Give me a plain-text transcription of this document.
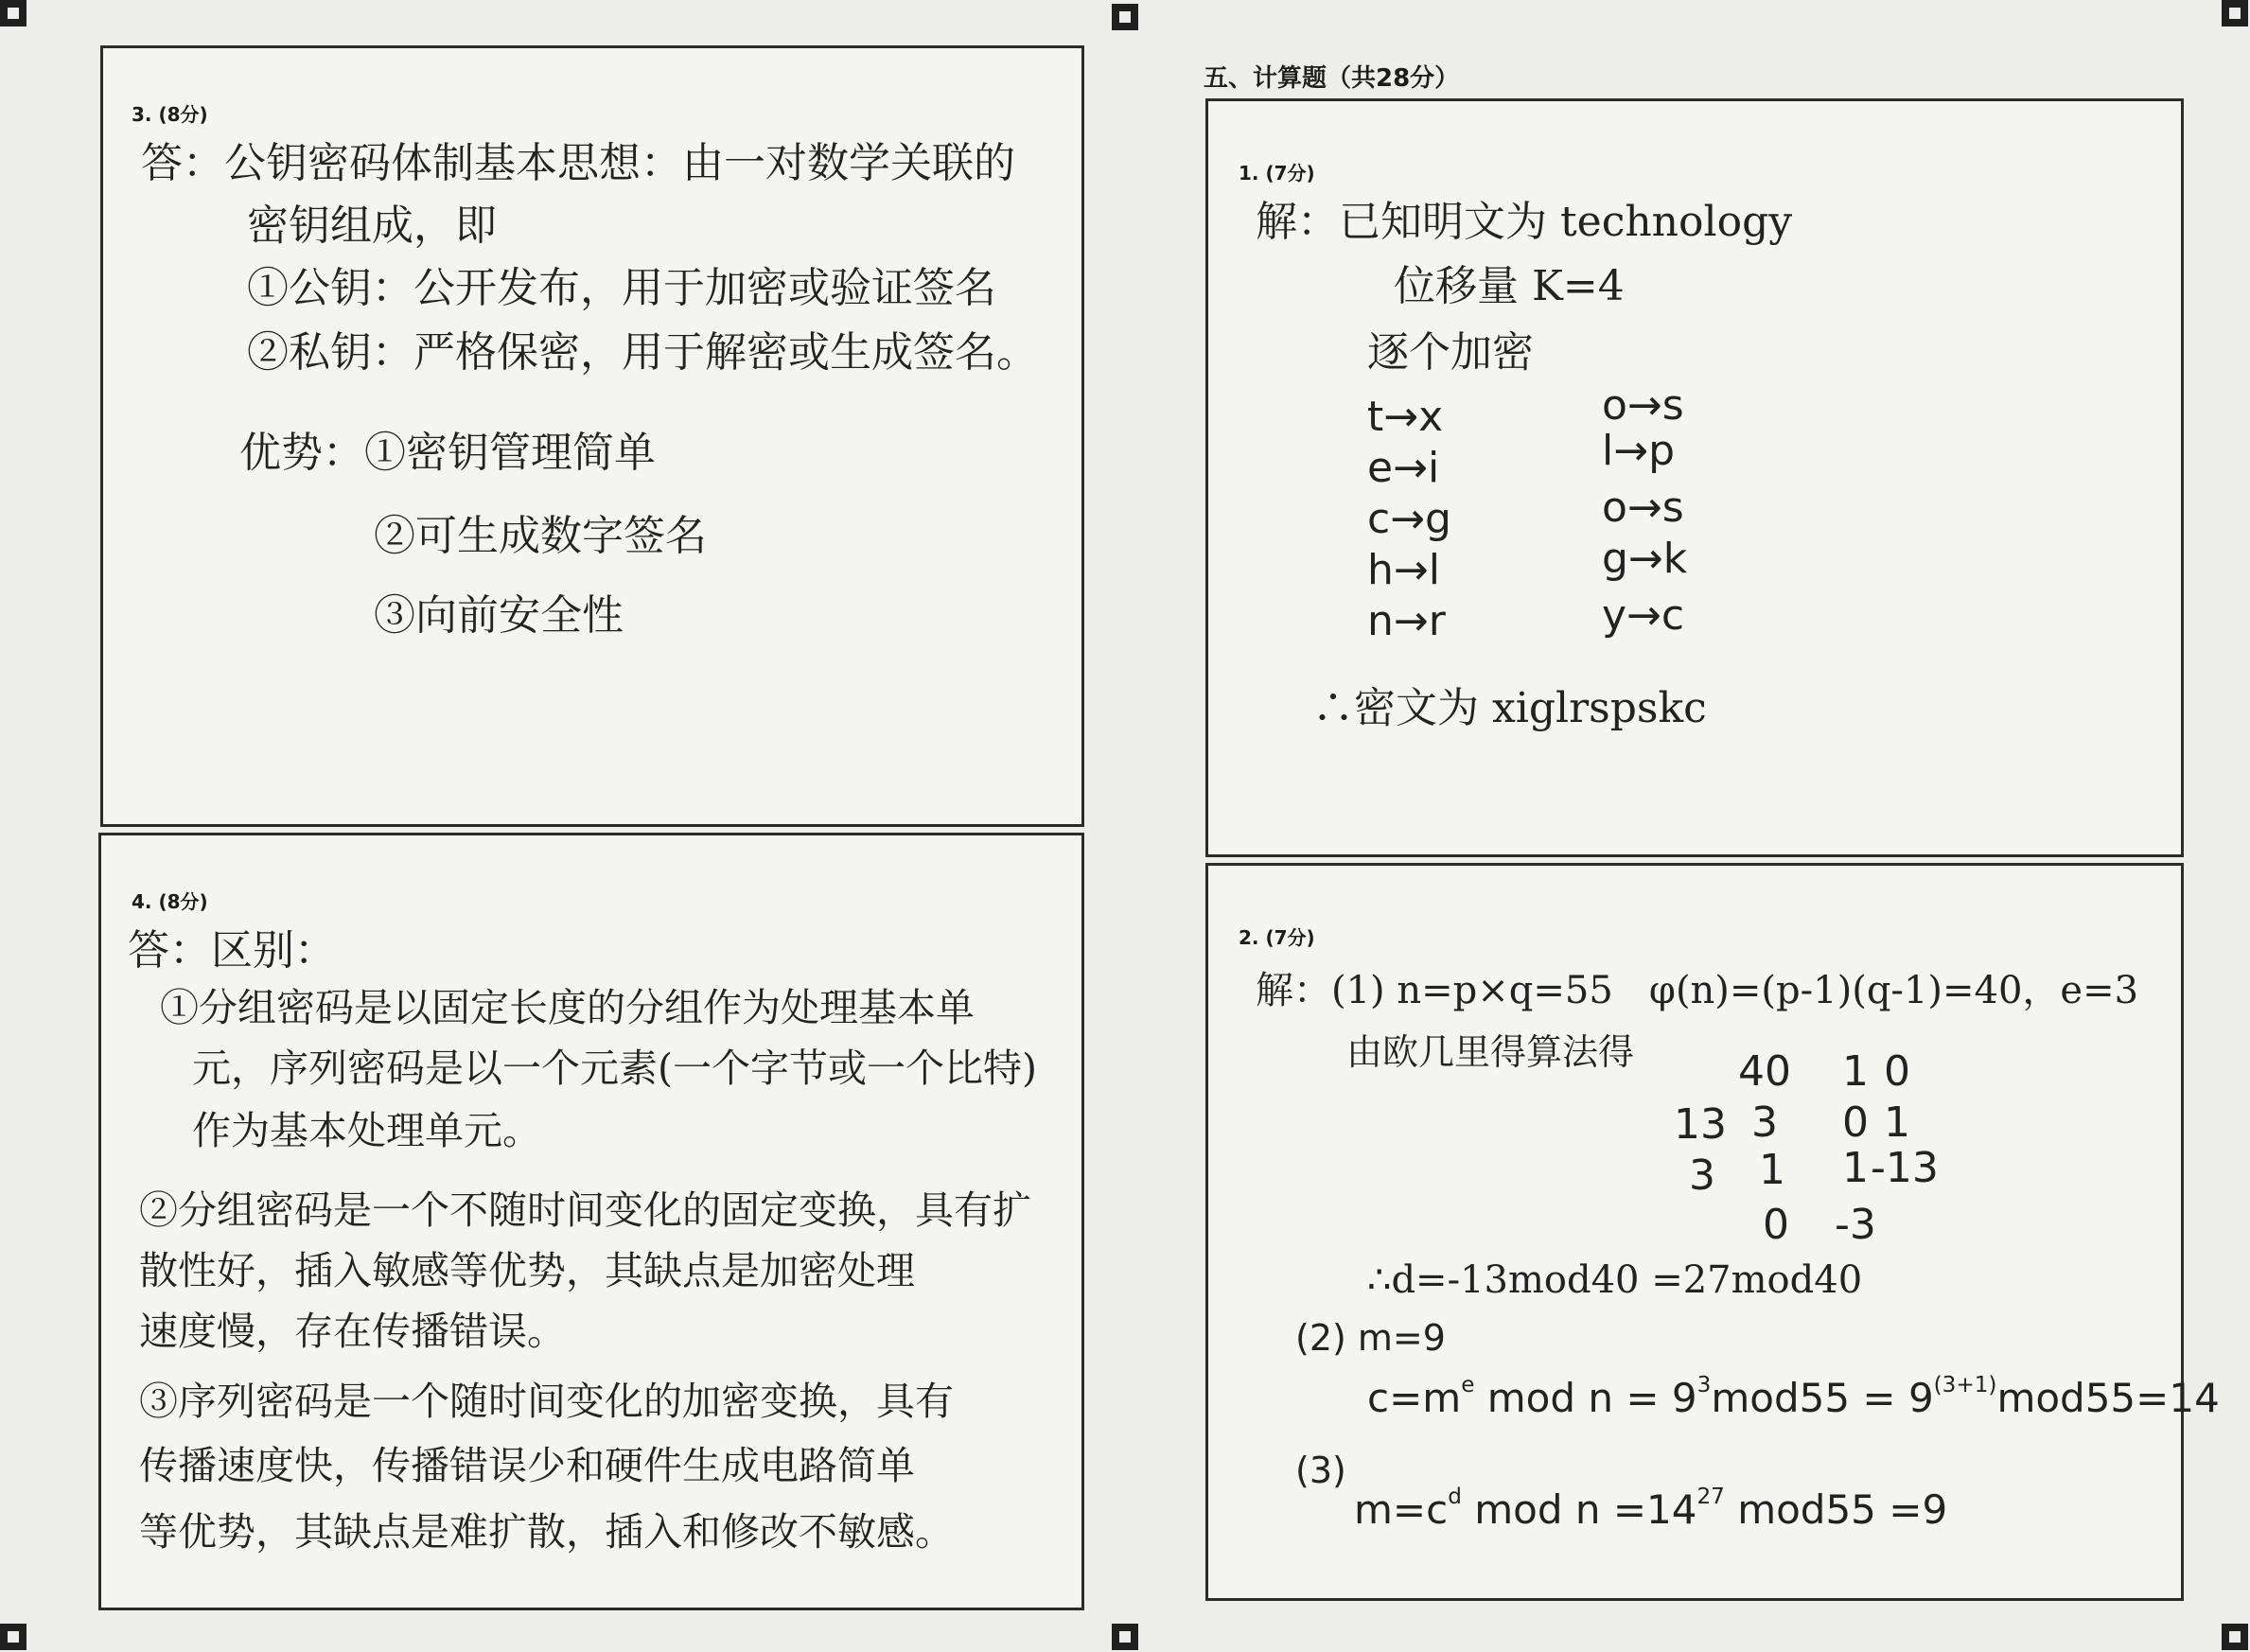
3. (8分)
答：公钥密码体制基本思想：由一对数学关联的
密钥组成，即
①公钥：公开发布，用于加密或验证签名
②私钥：严格保密，用于解密或生成签名。
优势：①密钥管理简单
②可生成数字签名
③向前安全性
4. (8分)
答：区别：
①分组密码是以固定长度的分组作为处理基本单
元，序列密码是以一个元素(一个字节或一个比特)
作为基本处理单元。
②分组密码是一个不随时间变化的固定变换，具有扩
散性好，插入敏感等优势，其缺点是加密处理
速度慢，存在传播错误。
③序列密码是一个随时间变化的加密变换，具有
传播速度快，传播错误少和硬件生成电路简单
等优势，其缺点是难扩散，插入和修改不敏感。
五、计算题（共28分）
1. (7分)
解：已知明文为 technology
位移量 K=4
逐个加密
t→x
e→i
c→g
h→l
n→r
o→s
l→p
o→s
g→k
y→c
∴密文为 xiglrspskc
2. (7分)
解：(1) n=p×q=55   φ(n)=(p-1)(q-1)=40，e=3
由欧几里得算法得 40 1 0
13 3 0 1
3 1 1 -13
0 -3
∴d=-13mod40 =27mod40
(2) m=9
$c=m^e$ mod $n = 9^3mod55 = 9^{(3+1)}mod55=14$
(3)
$m=c^d$ mod $n =14^{27}$ mod55 =9
